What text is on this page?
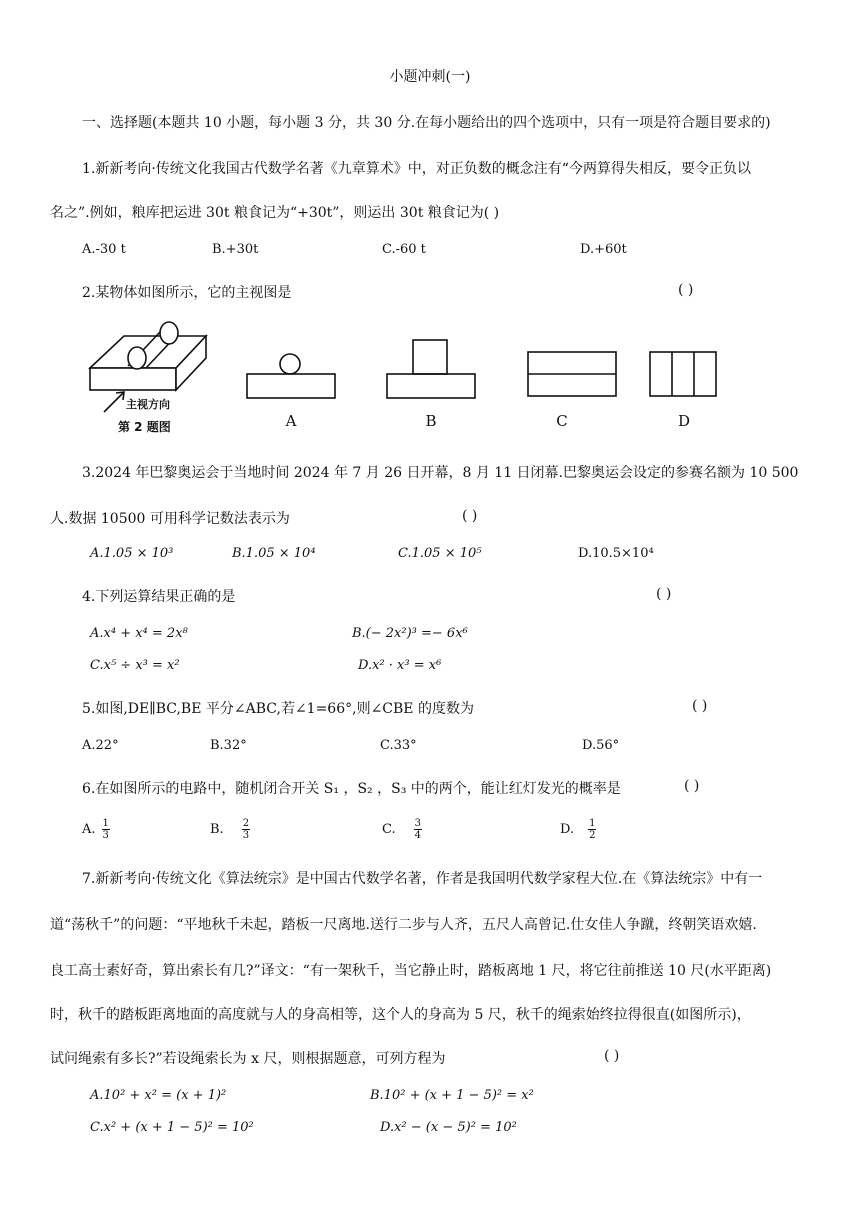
小题冲刺(一)
一、选择题(本题共 10 小题，每小题 3 分，共 30 分.在每小题给出的四个选项中，只有一项是符合题目要求的)
1.新新考向·传统文化我国古代数学名著《九章算术》中，对正负数的概念注有“今两算得失相反，要令正负以
名之”.例如，粮库把运进 30t 粮食记为“+30t”，则运出 30t 粮食记为( )
A.-30 t	B.+30t	C.-60 t	D.+60t
2.某物体如图所示，它的主视图是	( )
主视方向
第 2 题图	A	B	C	D
3.2024 年巴黎奥运会于当地时间 2024 年 7 月 26 日开幕，8 月 11 日闭幕.巴黎奥运会设定的参赛名额为 10 500
人.数据 10500 可用科学记数法表示为	( )
A.1.05 × 10³	B.1.05 × 10⁴	C.1.05 × 10⁵	D.10.5×10⁴
4.下列运算结果正确的是	( )
A.x⁴ + x⁴ = 2x⁸	B.(− 2x²)³ =− 6x⁶
C.x⁵ ÷ x³ = x²	D.x² · x³ = x⁶
5.如图,DE∥BC,BE 平分∠ABC,若∠1=66°,则∠CBE 的度数为	( )
A.22°	B.32°	C.33°	D.56°
6.在如图所示的电路中，随机闭合开关 S₁ ，S₂ ，S₃ 中的两个，能让红灯发光的概率是	( )
A. $\frac{1}{3}$	B. $\frac{2}{3}$	C. $\frac{3}{4}$	D. $\frac{1}{2}$
7.新新考向·传统文化《算法统宗》是中国古代数学名著，作者是我国明代数学家程大位.在《算法统宗》中有一
道“荡秋千”的问题：“平地秋千未起，踏板一尺离地.送行二步与人齐，五尺人高曾记.仕女佳人争蹴，终朝笑语欢嬉.
良工高士素好奇，算出索长有几?”译文：“有一架秋千，当它静止时，踏板离地 1 尺，将它往前推送 10 尺(水平距离)
时，秋千的踏板距离地面的高度就与人的身高相等，这个人的身高为 5 尺，秋千的绳索始终拉得很直(如图所示)，
试问绳索有多长?”若设绳索长为 x 尺，则根据题意，可列方程为	( )
A.10² + x² = (x + 1)²	B.10² + (x + 1 − 5)² = x²
C.x² + (x + 1 − 5)² = 10²	D.x² − (x − 5)² = 10²
